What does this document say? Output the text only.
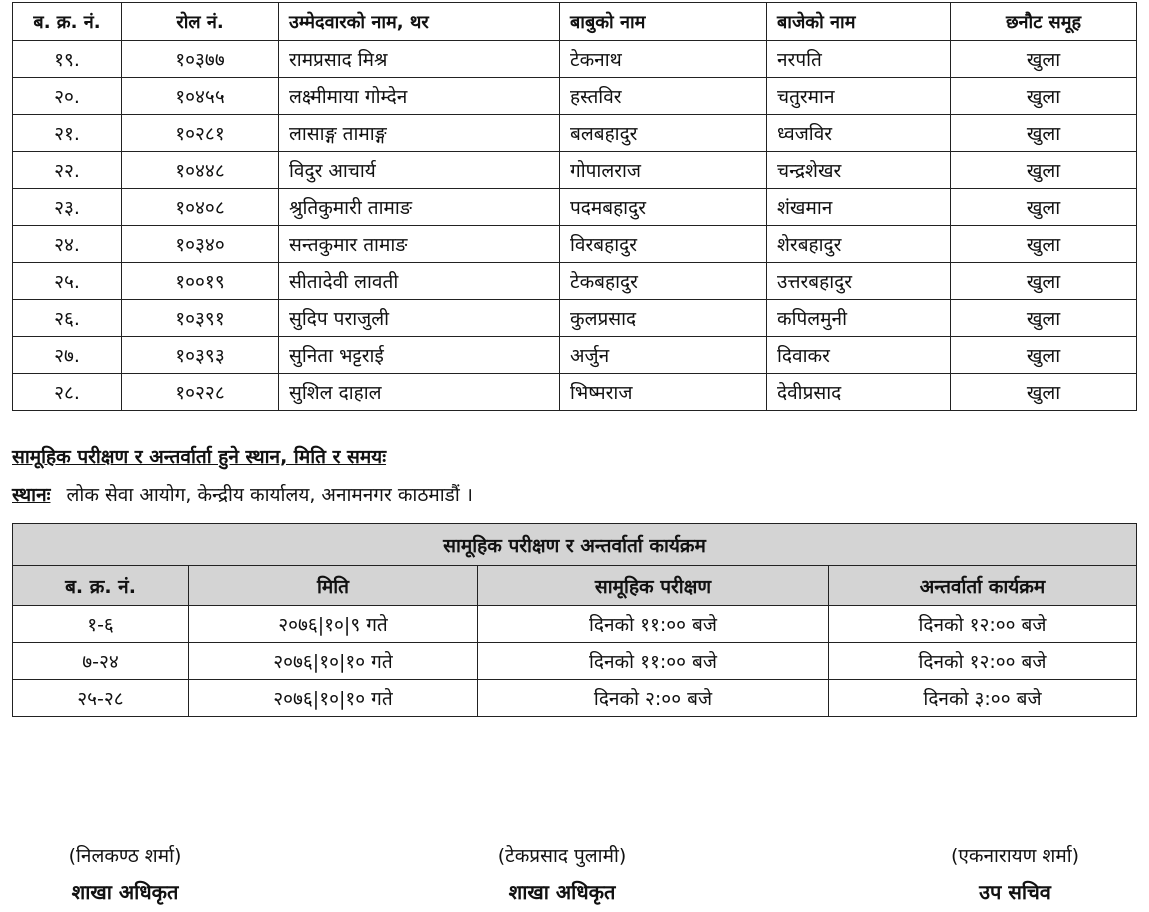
ब. क्र. नं.	रोल नं.	उम्मेदवारको नाम, थर	बाबुको नाम	बाजेको नाम	छनौट समूह
१९.	१०३७७	रामप्रसाद मिश्र	टेकनाथ	नरपति	खुला
२०.	१०४५५	लक्ष्मीमाया गोम्देन	हस्तविर	चतुरमान	खुला
२१.	१०२८१	लासाङ्ग तामाङ्ग	बलबहादुर	ध्वजविर	खुला
२२.	१०४४८	विदुर आचार्य	गोपालराज	चन्द्रशेखर	खुला
२३.	१०४०८	श्रुतिकुमारी तामाङ	पदमबहादुर	शंखमान	खुला
२४.	१०३४०	सन्तकुमार तामाङ	विरबहादुर	शेरबहादुर	खुला
२५.	१००१९	सीतादेवी लावती	टेकबहादुर	उत्तरबहादुर	खुला
२६.	१०३९१	सुदिप पराजुली	कुलप्रसाद	कपिलमुनी	खुला
२७.	१०३९३	सुनिता भट्टराई	अर्जुन	दिवाकर	खुला
२८.	१०२२८	सुशिल दाहाल	भिष्मराज	देवीप्रसाद	खुला
सामूहिक परीक्षण र अन्तर्वार्ता हुने स्थान, मिति र समयः
स्थानः लोक सेवा आयोग, केन्द्रीय कार्यालय, अनामनगर काठमाडौं ।
सामूहिक परीक्षण र अन्तर्वार्ता कार्यक्रम			
ब. क्र. नं.	मिति	सामूहिक परीक्षण	अन्तर्वार्ता कार्यक्रम
१-६	२०७६|१०|९ गते	दिनको ११:०० बजे	दिनको १२:०० बजे
७-२४	२०७६|१०|१० गते	दिनको ११:०० बजे	दिनको १२:०० बजे
२५-२८	२०७६|१०|१० गते	दिनको २:०० बजे	दिनको ३:०० बजे
(निलकण्ठ शर्मा)
शाखा अधिकृत
(टेकप्रसाद पुलामी)
शाखा अधिकृत
(एकनारायण शर्मा)
उप सचिव
